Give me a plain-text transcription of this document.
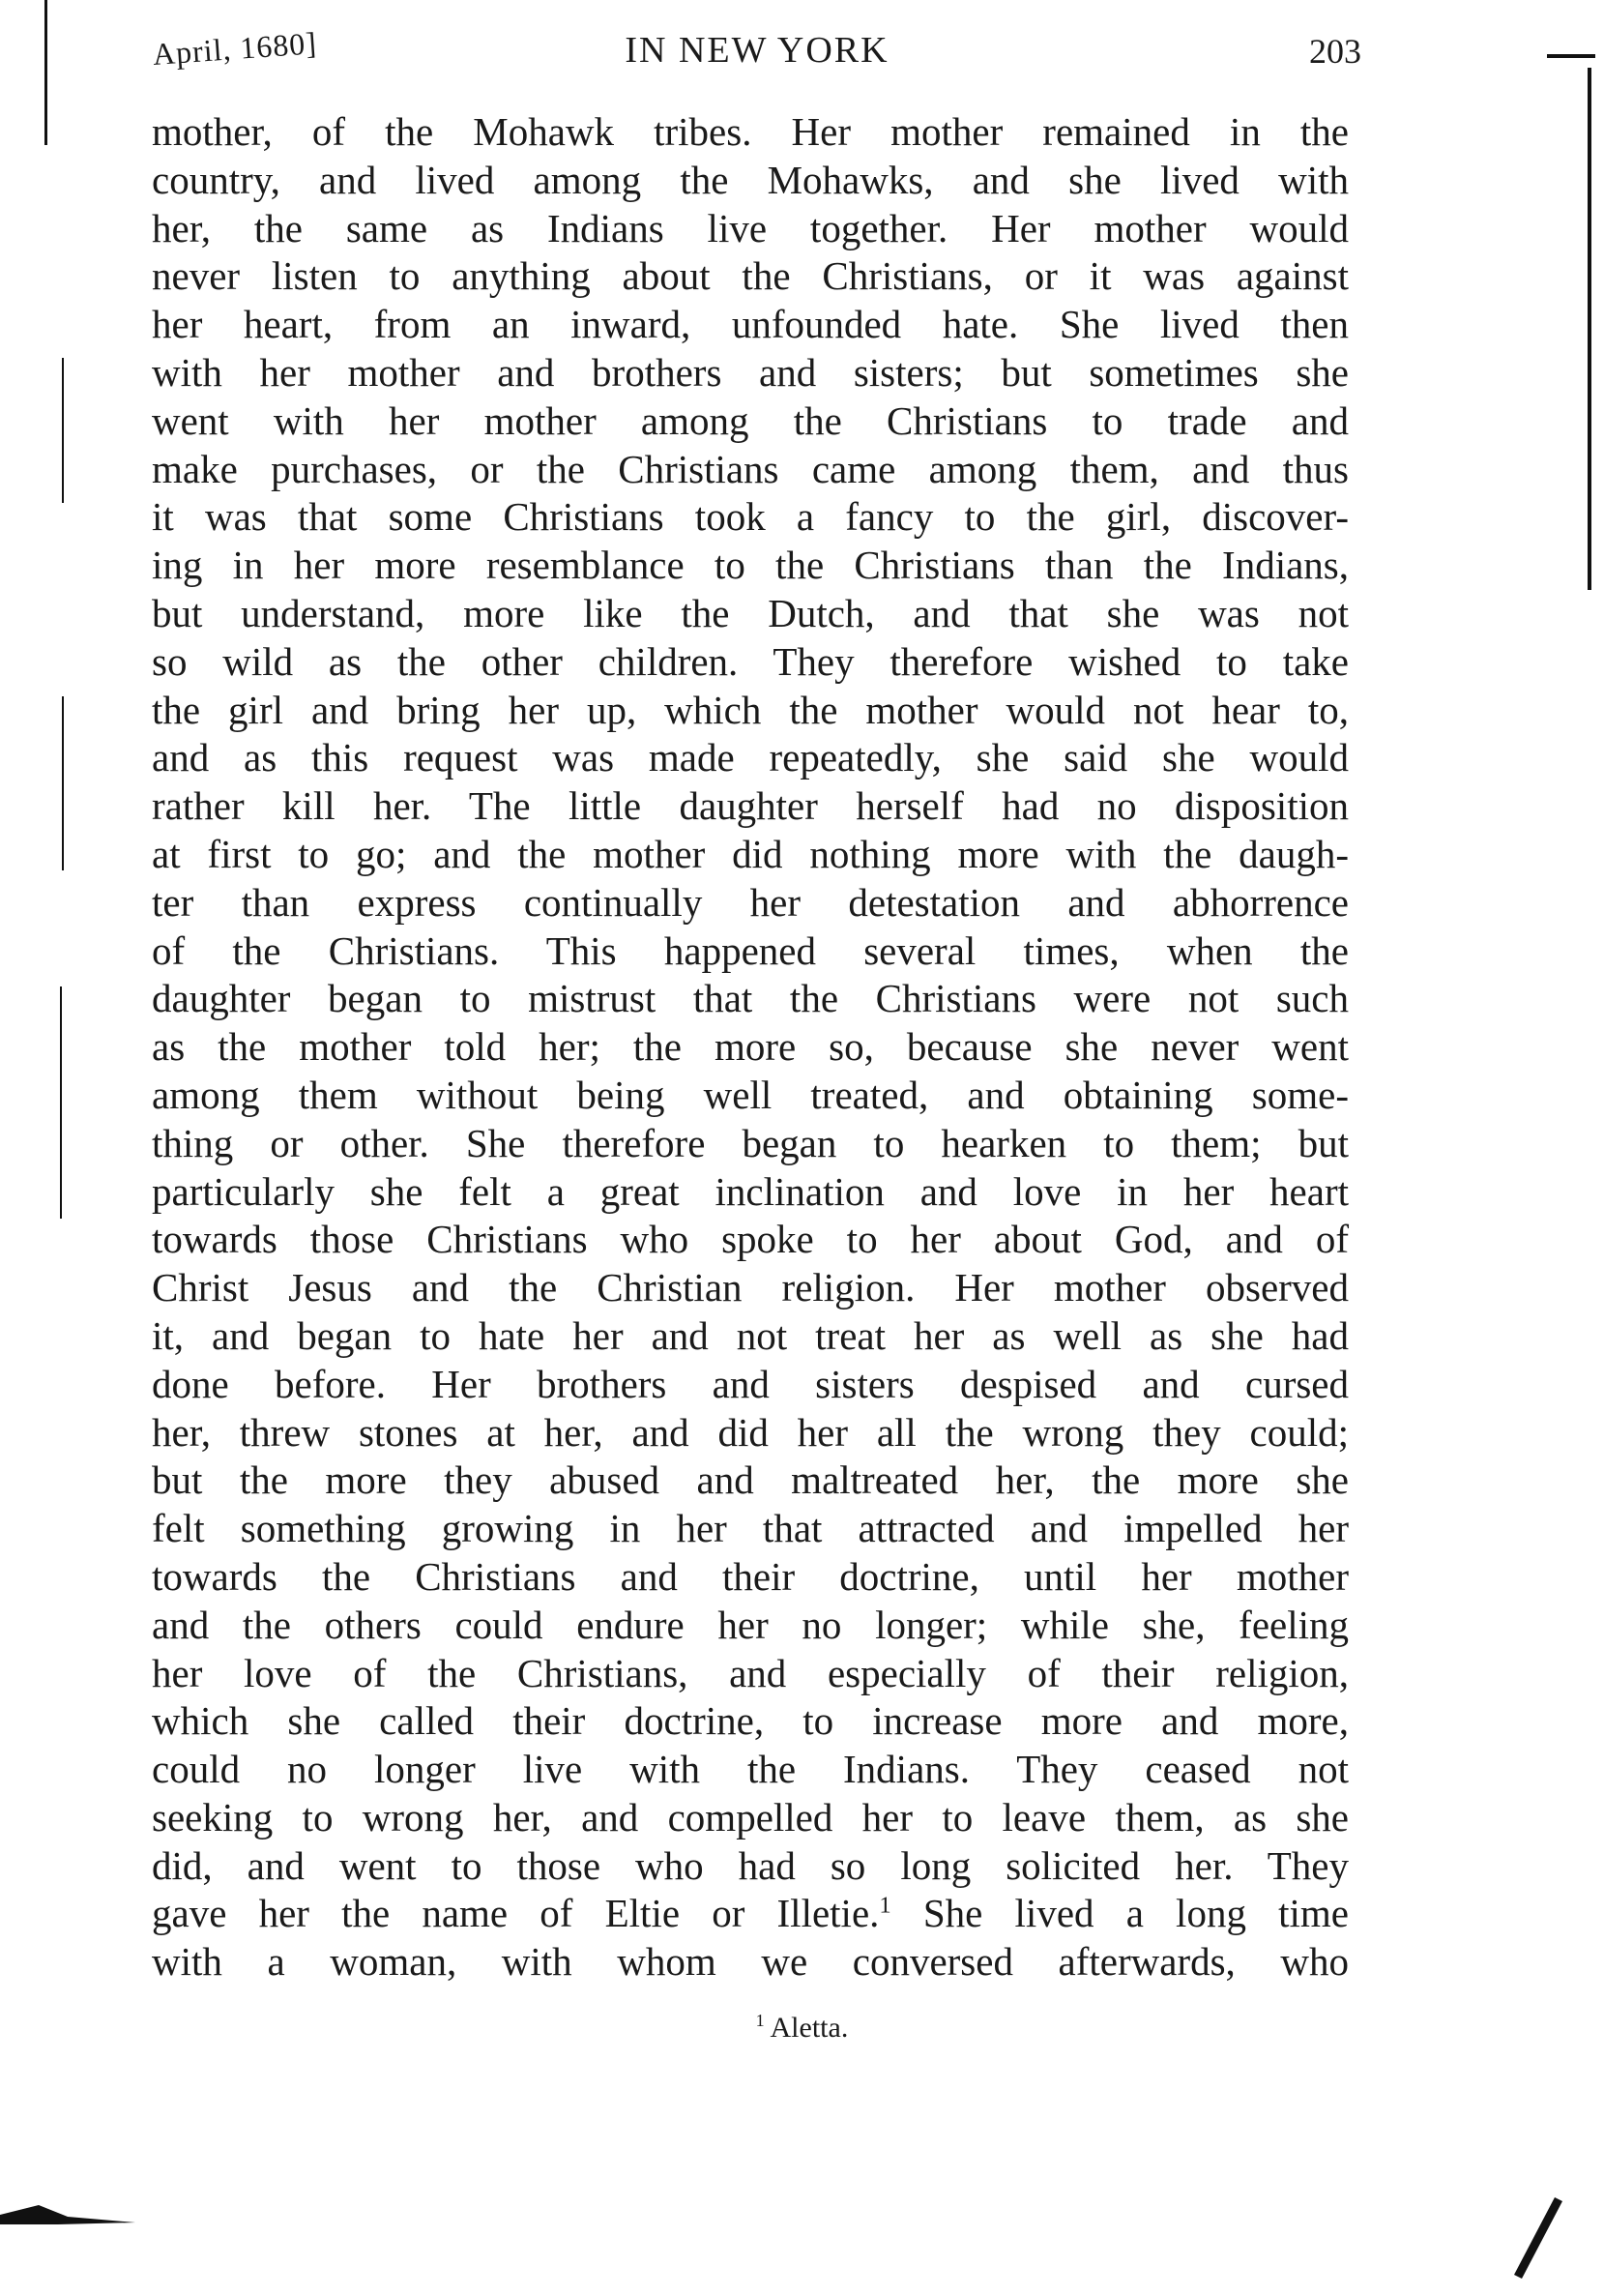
April, 1680]	IN NEW YORK	203
mother, of the Mohawk tribes. Her mother remained in the
country, and lived among the Mohawks, and she lived with
her, the same as Indians live together. Her mother would
never listen to anything about the Christians, or it was against
her heart, from an inward, unfounded hate. She lived then
with her mother and brothers and sisters; but sometimes she
went with her mother among the Christians to trade and
make purchases, or the Christians came among them, and thus
it was that some Christians took a fancy to the girl, discover-
ing in her more resemblance to the Christians than the Indians,
but understand, more like the Dutch, and that she was not
so wild as the other children. They therefore wished to take
the girl and bring her up, which the mother would not hear to,
and as this request was made repeatedly, she said she would
rather kill her. The little daughter herself had no disposition
at first to go; and the mother did nothing more with the daugh-
ter than express continually her detestation and abhorrence
of the Christians. This happened several times, when the
daughter began to mistrust that the Christians were not such
as the mother told her; the more so, because she never went
among them without being well treated, and obtaining some-
thing or other. She therefore began to hearken to them; but
particularly she felt a great inclination and love in her heart
towards those Christians who spoke to her about God, and of
Christ Jesus and the Christian religion. Her mother observed
it, and began to hate her and not treat her as well as she had
done before. Her brothers and sisters despised and cursed
her, threw stones at her, and did her all the wrong they could;
but the more they abused and maltreated her, the more she
felt something growing in her that attracted and impelled her
towards the Christians and their doctrine, until her mother
and the others could endure her no longer; while she, feeling
her love of the Christians, and especially of their religion,
which she called their doctrine, to increase more and more,
could no longer live with the Indians. They ceased not
seeking to wrong her, and compelled her to leave them, as she
did, and went to those who had so long solicited her. They
gave her the name of Eltie or Illetie.$^1$ She lived a long time
with a woman, with whom we conversed afterwards, who
$^1$ Aletta.
